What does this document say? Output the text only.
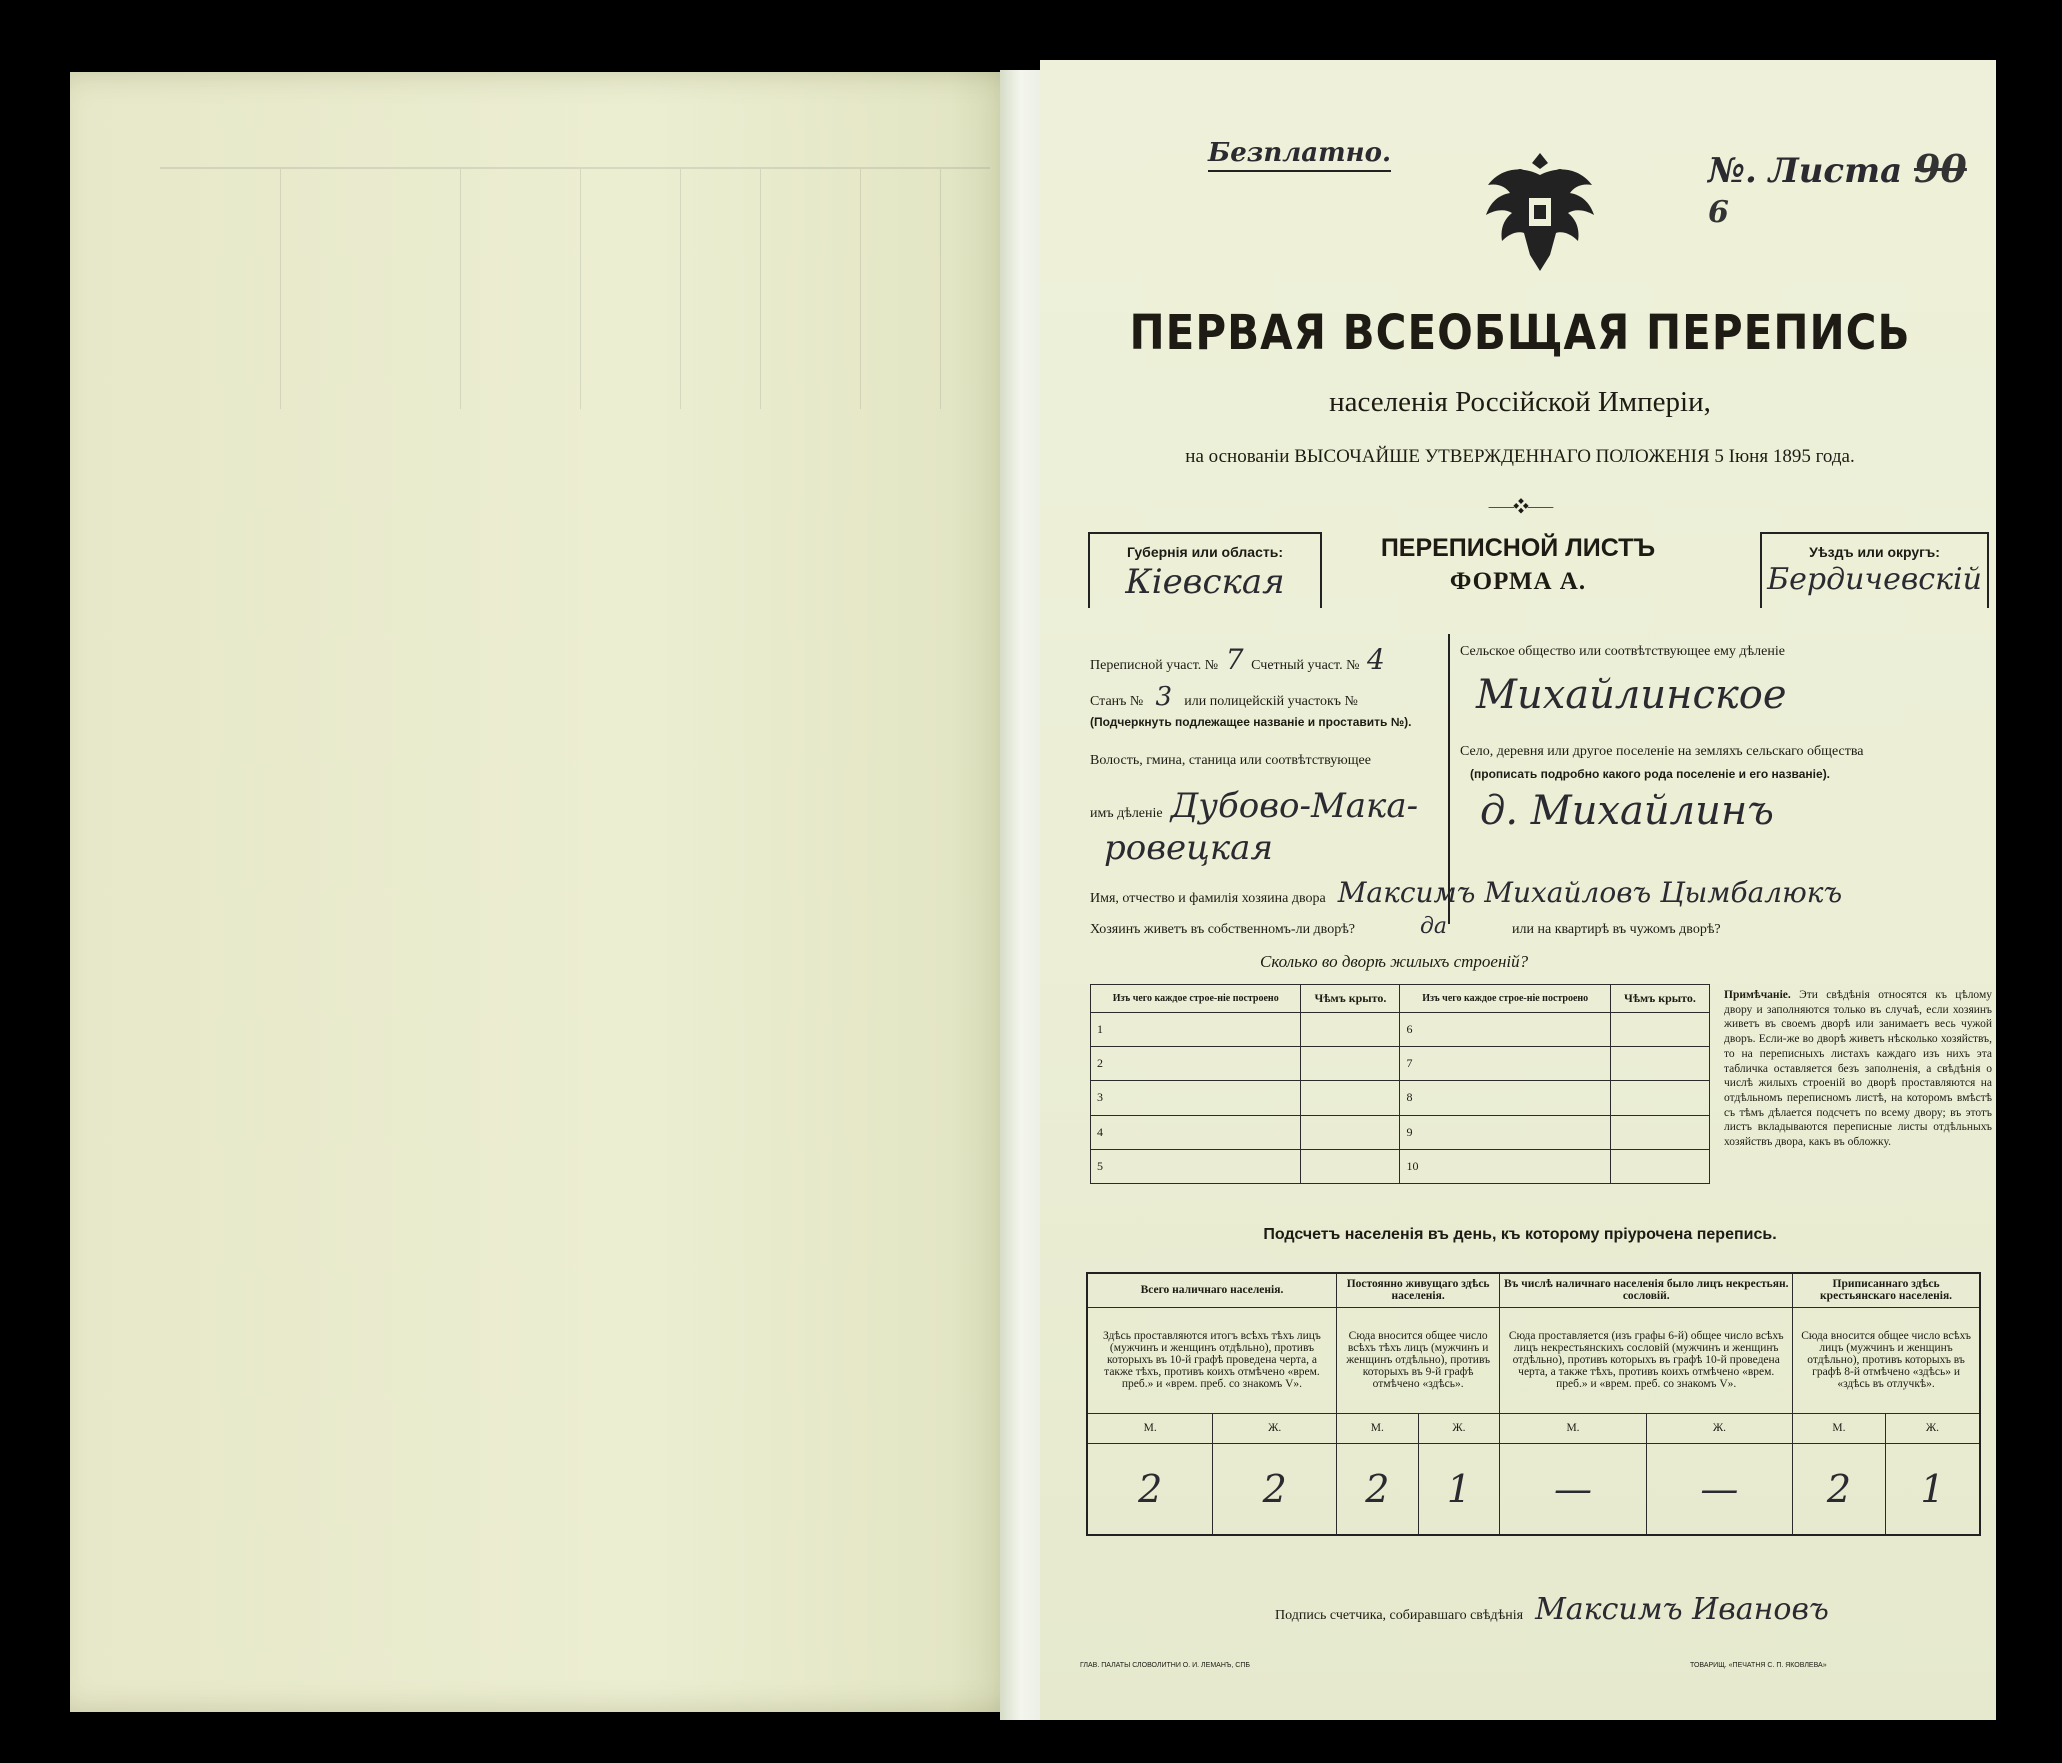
Безплатно.	№. Листа 90 6
ПЕРВАЯ ВСЕОБЩАЯ ПЕРЕПИСЬ
населенія Россійской Имперіи,
на основаніи ВЫСОЧАЙШЕ УТВЕРЖДЕННАГО ПОЛОЖЕНІЯ 5 Іюня 1895 года.
⸺❖⸺
Губернія или область:
Кіевская
ПЕРЕПИСНОЙ ЛИСТЪ
ФОРМА А.
Уѣздъ или округъ:
Бердичевскій
Переписной участ. № 7 Счетный участ. № 4
Станъ № 3 или полицейскій участокъ №
(Подчеркнуть подлежащее названіе и проставить №).
Волость, гмина, станица или соотвѣтствующее
имъ дѣленіе Дубово-Мака-
ровецкая
Сельское общество или соотвѣтствующее ему дѣленіе
Михайлинское
Село, деревня или другое поселеніе на земляхъ сельскаго общества
(прописать подробно какого рода поселеніе и его названіе).
д. Михайлинъ
Имя, отчество и фамилія хозяина двора Максимъ Михайловъ Цымбалюкъ
Хозяинъ живетъ въ собственномъ-ли дворѣ?	да	или на квартирѣ въ чужомъ дворѣ?
Сколько во дворѣ жилыхъ строеній?
Изъ чего каждое строе-ніе построено	Чѣмъ крыто.	Изъ чего каждое строе-ніе построено	Чѣмъ крыто.
1		6	
2		7	
3		8	
4		9	
5		10	
Примѣчаніе. Эти свѣдѣнія относятся къ цѣлому двору и заполняются только въ случаѣ, если хозяинъ живетъ въ своемъ дворѣ или занимаетъ весь чужой дворъ. Если-же во дворѣ живетъ нѣсколько хозяйствъ, то на переписныхъ листахъ каждаго изъ нихъ эта табличка оставляется безъ заполненія, а свѣдѣнія о числѣ жилыхъ строеній во дворѣ проставляются на отдѣльномъ переписномъ листѣ, на которомъ вмѣстѣ съ тѣмъ дѣлается подсчетъ по всему двору; въ этотъ листъ вкладываются переписные листы отдѣльныхъ хозяйствъ двора, какъ въ обложку.
Подсчетъ населенія въ день, къ которому пріурочена перепись.
Всего наличнаго населенія.		Постоянно живущаго здѣсь населенія.		Въ числѣ наличнаго населенія было лицъ некрестьян. сословій.		Приписаннаго здѣсь крестьянскаго населенія.	
Здѣсь проставляются итогъ всѣхъ тѣхъ лицъ (мужчинъ и женщинъ отдѣльно), противъ которыхъ въ 10-й графѣ проведена черта, а также тѣхъ, противъ коихъ отмѣчено «врем. преб.» и «врем. преб. со знакомъ V».		Сюда вносится общее число всѣхъ тѣхъ лицъ (мужчинъ и женщинъ отдѣльно), противъ которыхъ въ 9-й графѣ отмѣчено «здѣсь».		Сюда проставляется (изъ графы 6-й) общее число всѣхъ лицъ некрестьянскихъ сословій (мужчинъ и женщинъ отдѣльно), противъ которыхъ въ графѣ 10-й проведена черта, а также тѣхъ, противъ коихъ отмѣчено «врем. преб.» и «врем. преб. со знакомъ V».		Сюда вносится общее число всѣхъ лицъ (мужчинъ и женщинъ отдѣльно), противъ которыхъ въ графѣ 8-й отмѣчено «здѣсь» и «здѣсь въ отлучкѣ».	
М.	Ж.	М.	Ж.	М.	Ж.	М.	Ж.
2	2	2	1	—	—	2	1
Подпись счетчика, собиравшаго свѣдѣнія Максимъ Ивановъ
ГЛАВ. ПАЛАТЫ СЛОВОЛИТНИ О. И. ЛЕМАНЪ, СПБ	ТОВАРИЩ. «ПЕЧАТНЯ С. П. ЯКОВЛЕВА»
